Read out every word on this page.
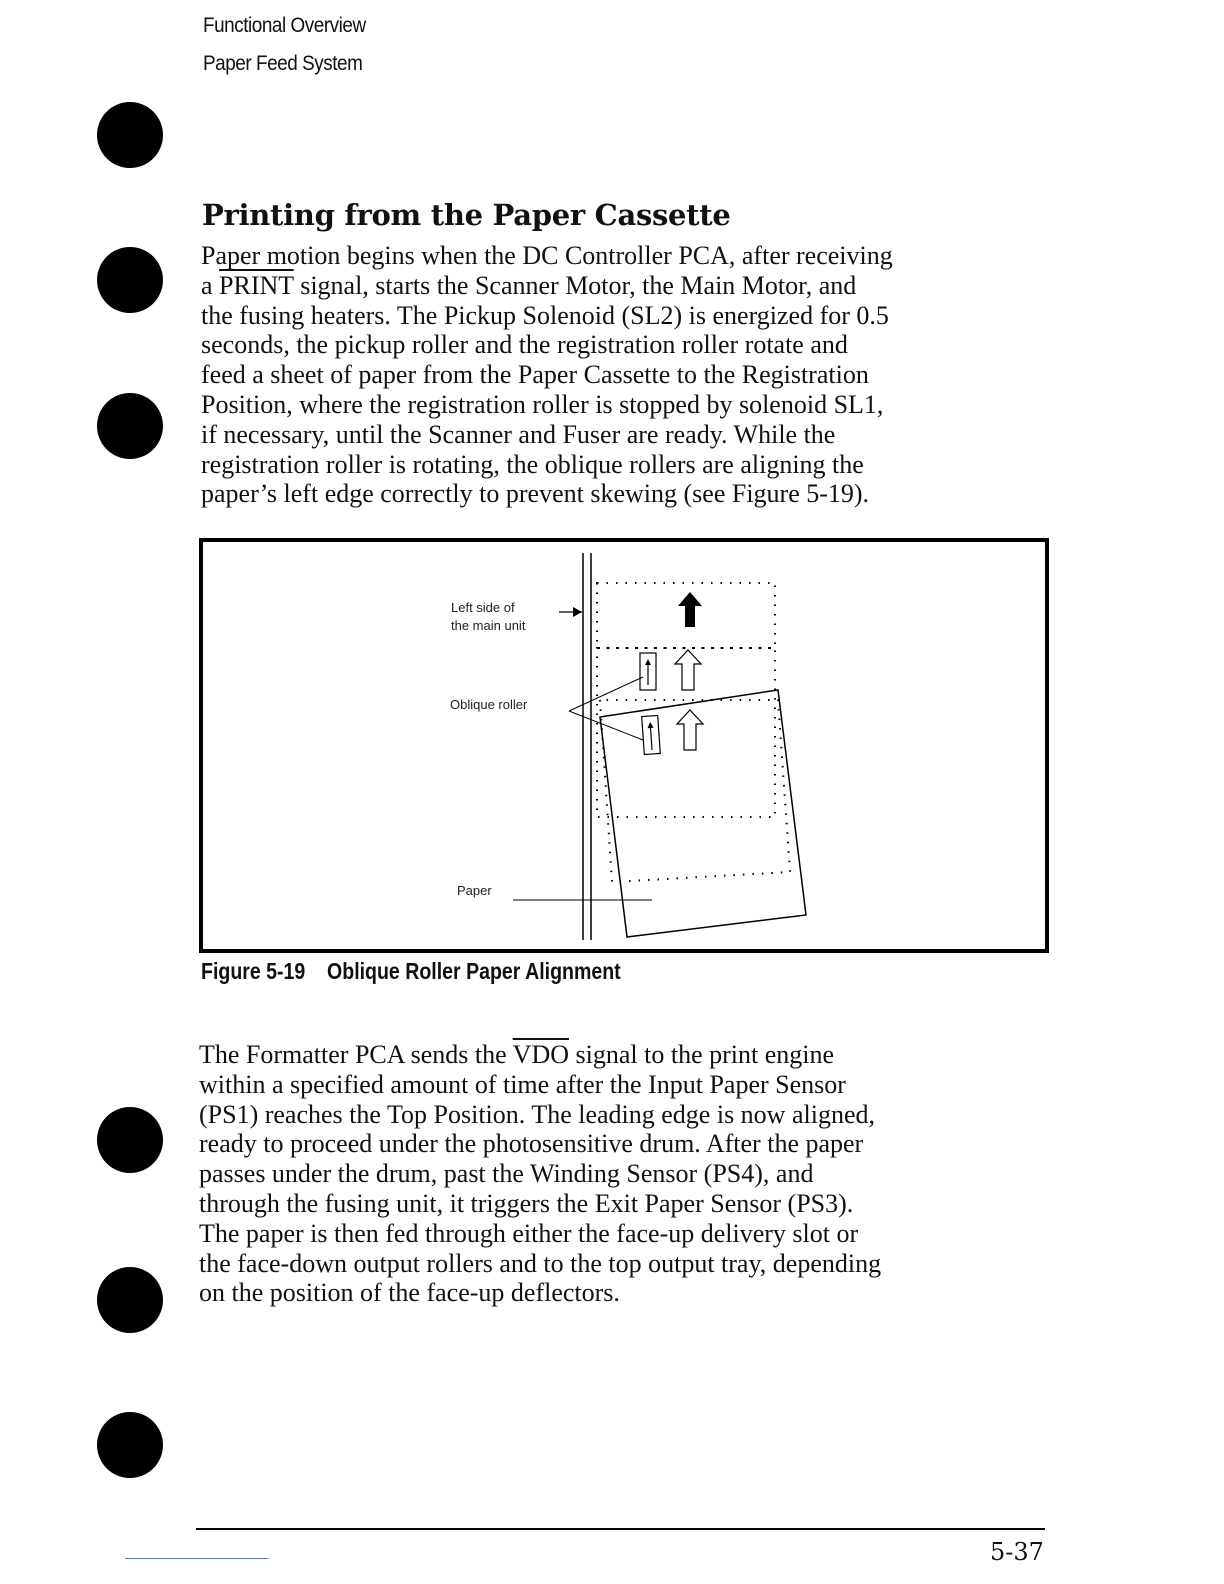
Functional Overview
Paper Feed System
Printing from the Paper Cassette
Paper motion begins when the DC Controller PCA, after receiving
a PRINT signal, starts the Scanner Motor, the Main Motor, and
the fusing heaters. The Pickup Solenoid (SL2) is energized for 0.5
seconds, the pickup roller and the registration roller rotate and
feed a sheet of paper from the Paper Cassette to the Registration
Position, where the registration roller is stopped by solenoid SL1,
if necessary, until the Scanner and Fuser are ready. While the
registration roller is rotating, the oblique rollers are aligning the
paper’s left edge correctly to prevent skewing (see Figure 5-19).
Left side of
the main unit
Oblique roller
Paper
Figure 5-19 Oblique Roller Paper Alignment
The Formatter PCA sends the $\overline{VDO}$ signal to the print engine
within a specified amount of time after the Input Paper Sensor
(PS1) reaches the Top Position. The leading edge is now aligned,
ready to proceed under the photosensitive drum. After the paper
passes under the drum, past the Winding Sensor (PS4), and
through the fusing unit, it triggers the Exit Paper Sensor (PS3).
The paper is then fed through either the face-up delivery slot or
the face-down output rollers and to the top output tray, depending
on the position of the face-up deflectors.
5-37
